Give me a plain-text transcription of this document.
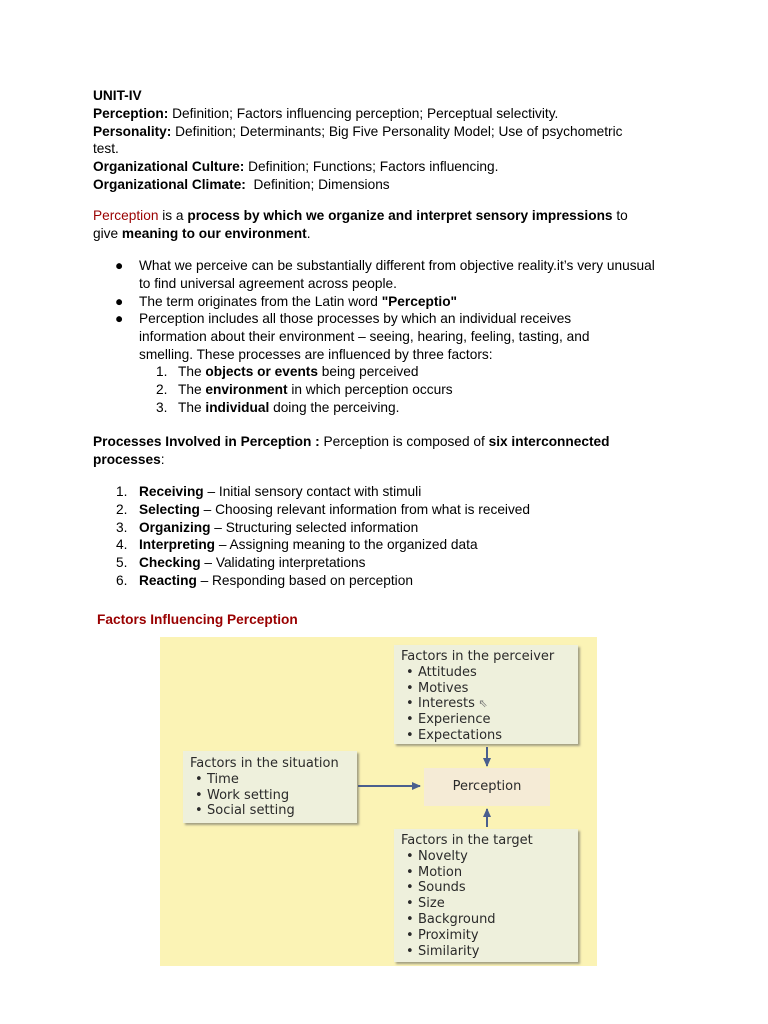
UNIT-IV
Perception: Definition; Factors influencing perception; Perceptual selectivity.
Personality: Definition; Determinants; Big Five Personality Model; Use of psychometric
test.
Organizational Culture: Definition; Functions; Factors influencing.
Organizational Climate:  Definition; Dimensions
Perception is a process by which we organize and interpret sensory impressions to
give meaning to our environment.
● What we perceive can be substantially different from objective reality.it’s very unusual
to find universal agreement across people.
● The term originates from the Latin word "Perceptio"
● Perception includes all those processes by which an individual receives
information about their environment – seeing, hearing, feeling, tasting, and
smelling. These processes are influenced by three factors:
1. The objects or events being perceived
2. The environment in which perception occurs
3. The individual doing the perceiving.
Processes Involved in Perception : Perception is composed of six interconnected
processes:
1. Receiving – Initial sensory contact with stimuli
2. Selecting – Choosing relevant information from what is received
3. Organizing – Structuring selected information
4. Interpreting – Assigning meaning to the organized data
5. Checking – Validating interpretations
6. Reacting – Responding based on perception
Factors Influencing Perception
Factors in the perceiver
• Attitudes
• Motives
• Interests ⇖
• Experience
• Expectations
Factors in the situation
• Time
• Work setting
• Social setting
Perception
Factors in the target
• Novelty
• Motion
• Sounds
• Size
• Background
• Proximity
• Similarity
